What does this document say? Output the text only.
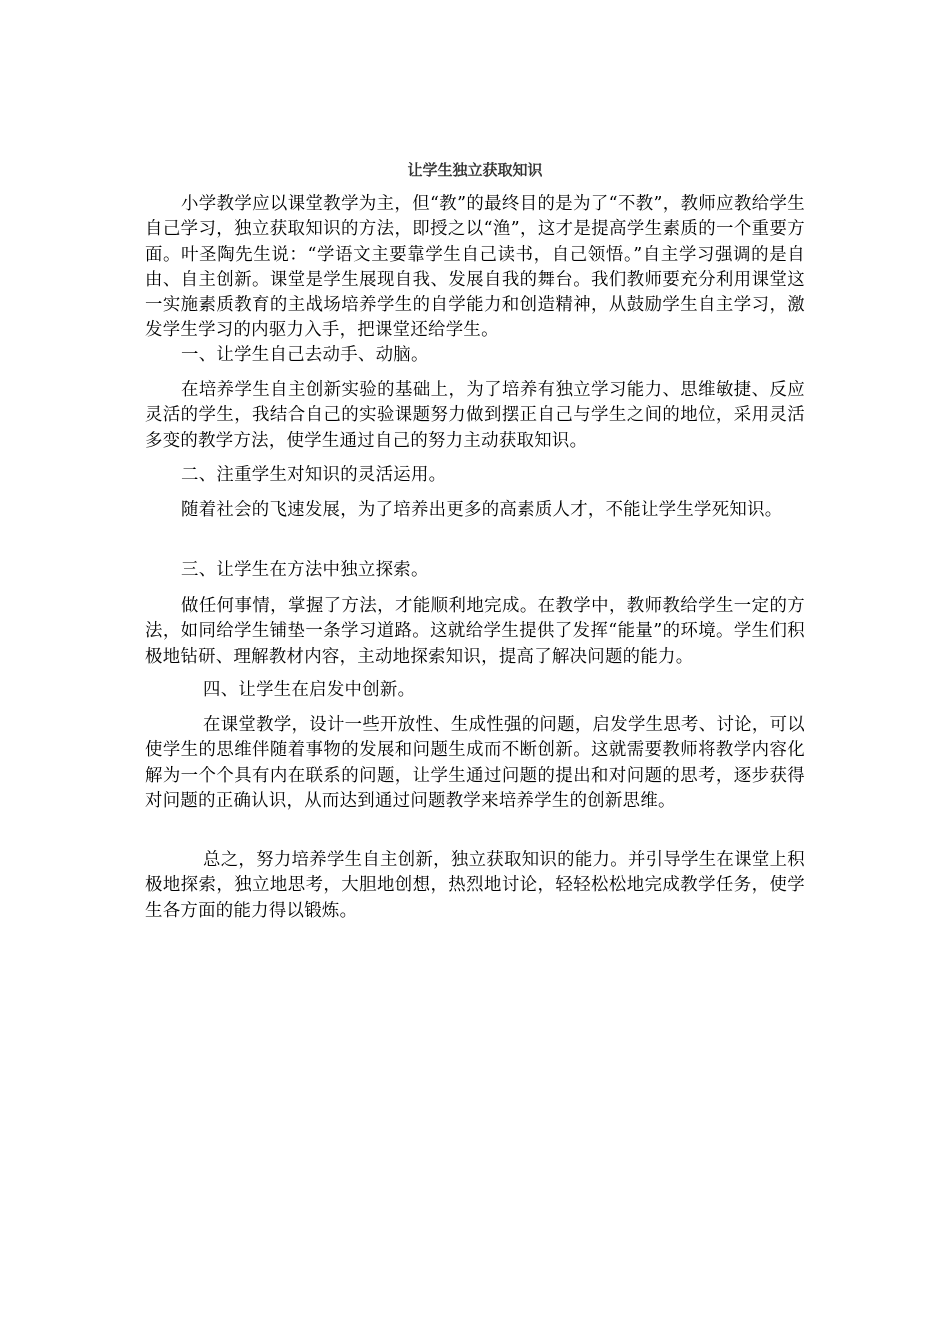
让学生独立获取知识

小学教学应以课堂教学为主，但“教”的最终目的是为了“不教”，教师应教给学生自己学习，独立获取知识的方法，即授之以“渔”，这才是提高学生素质的一个重要方面。叶圣陶先生说：“学语文主要靠学生自己读书，自己领悟。”自主学习强调的是自由、自主创新。课堂是学生展现自我、发展自我的舞台。我们教师要充分利用课堂这一实施素质教育的主战场培养学生的自学能力和创造精神，从鼓励学生自主学习，激发学生学习的内驱力入手，把课堂还给学生。

一、让学生自己去动手、动脑。

在培养学生自主创新实验的基础上，为了培养有独立学习能力、思维敏捷、反应灵活的学生，我结合自己的实验课题努力做到摆正自己与学生之间的地位，采用灵活多变的教学方法，使学生通过自己的努力主动获取知识。

二、注重学生对知识的灵活运用。

随着社会的飞速发展，为了培养出更多的高素质人才，不能让学生学死知识。

三、让学生在方法中独立探索。

做任何事情，掌握了方法，才能顺利地完成。在教学中，教师教给学生一定的方法，如同给学生铺垫一条学习道路。这就给学生提供了发挥“能量”的环境。学生们积极地钻研、理解教材内容，主动地探索知识，提高了解决问题的能力。

四、让学生在启发中创新。

在课堂教学，设计一些开放性、生成性强的问题，启发学生思考、讨论，可以使学生的思维伴随着事物的发展和问题生成而不断创新。这就需要教师将教学内容化解为一个个具有内在联系的问题，让学生通过问题的提出和对问题的思考，逐步获得对问题的正确认识，从而达到通过问题教学来培养学生的创新思维。

总之，努力培养学生自主创新，独立获取知识的能力。并引导学生在课堂上积极地探索，独立地思考，大胆地创想，热烈地讨论，轻轻松松地完成教学任务，使学生各方面的能力得以锻炼。
